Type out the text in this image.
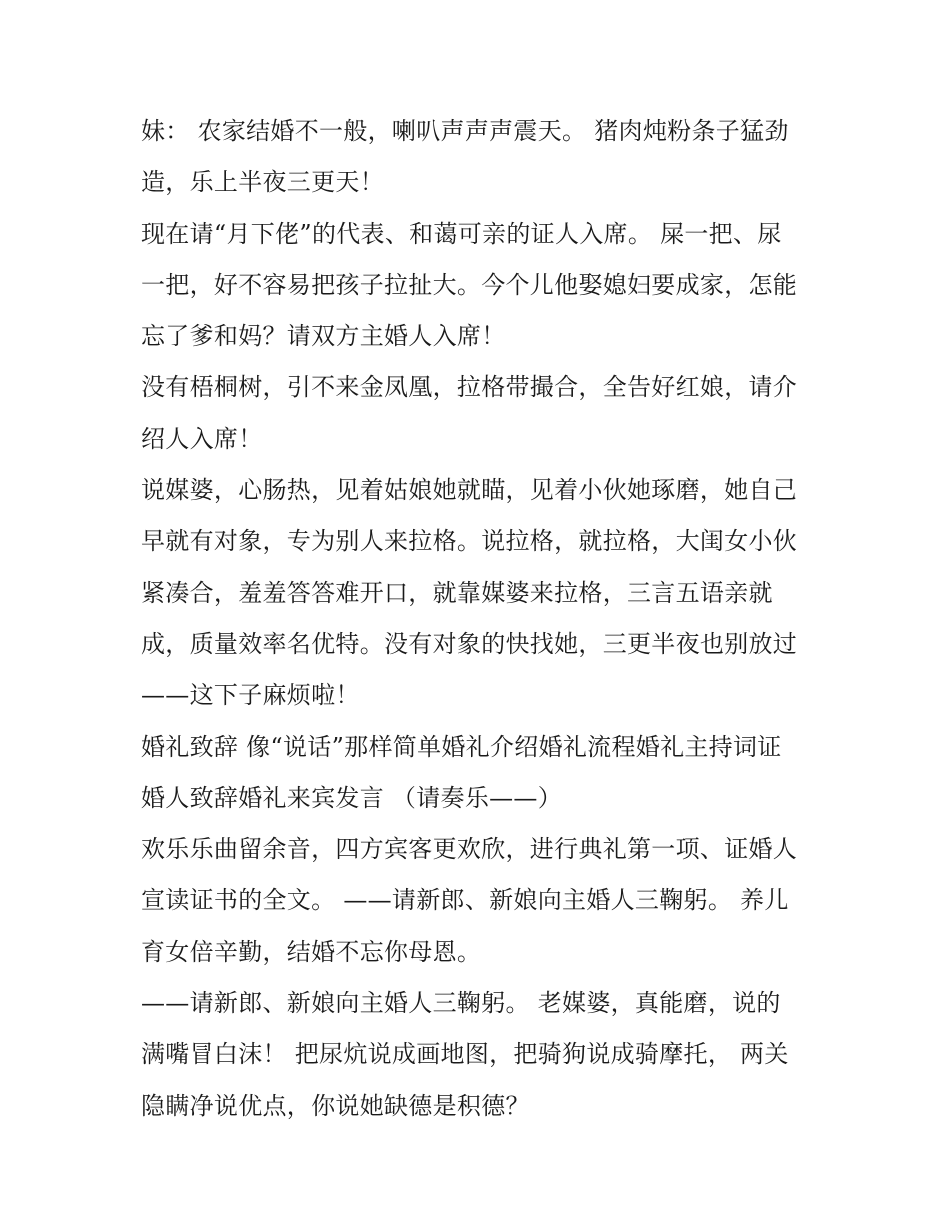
妹： 农家结婚不一般，喇叭声声声震天。 猪肉炖粉条子猛劲
造，乐上半夜三更天！
现在请“月下佬”的代表、和蔼可亲的证人入席。 屎一把、尿
一把，好不容易把孩子拉扯大。今个儿他娶媳妇要成家，怎能
忘了爹和妈？请双方主婚人入席！
没有梧桐树，引不来金凤凰，拉格带撮合，全告好红娘，请介
绍人入席！
说媒婆，心肠热，见着姑娘她就瞄，见着小伙她琢磨，她自己
早就有对象，专为别人来拉格。说拉格，就拉格，大闺女小伙
紧凑合，羞羞答答难开口，就靠媒婆来拉格，三言五语亲就
成，质量效率名优特。没有对象的快找她，三更半夜也别放过
——这下子麻烦啦！
婚礼致辞 像“说话”那样简单婚礼介绍婚礼流程婚礼主持词证
婚人致辞婚礼来宾发言 （请奏乐——）
欢乐乐曲留余音，四方宾客更欢欣，进行典礼第一项、证婚人
宣读证书的全文。 ——请新郎、新娘向主婚人三鞠躬。 养儿
育女倍辛勤，结婚不忘你母恩。
——请新郎、新娘向主婚人三鞠躬。 老媒婆，真能磨，说的
满嘴冒白沫！ 把尿炕说成画地图，把骑狗说成骑摩托， 两关
隐瞒净说优点，你说她缺德是积德？
